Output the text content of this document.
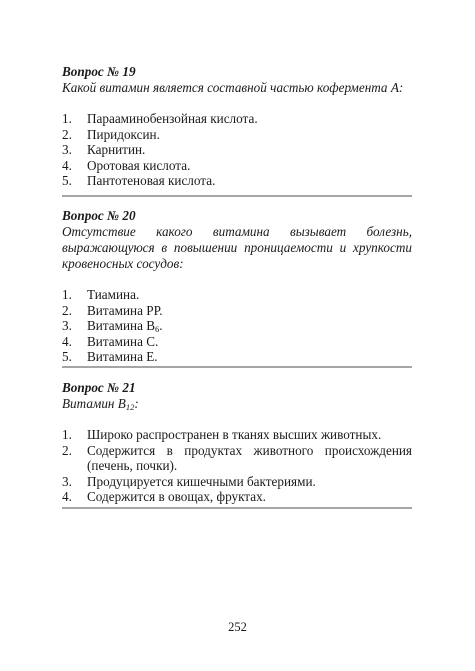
Вопрос № 19
Какой витамин является составной частью кофермента А:
1. Парааминобензойная кислота.
2. Пиридоксин.
3. Карнитин.
4. Оротовая кислота.
5. Пантотеновая кислота.
Вопрос № 20
Отсутствие какого витамина вызывает болезнь, выражающуюся в повышении проницаемости и хрупкости кровеносных сосудов:
1. Тиамина.
2. Витамина РР.
3. Витамина $В_6$.
4. Витамина С.
5. Витамина Е.
Вопрос № 21
Витамин $В_{12}$:
1. Широко распространен в тканях высших животных.
2. Содержится в продуктах животного происхождения (печень, почки).
3. Продуцируется кишечными бактериями.
4. Содержится в овощах, фруктах.
252
